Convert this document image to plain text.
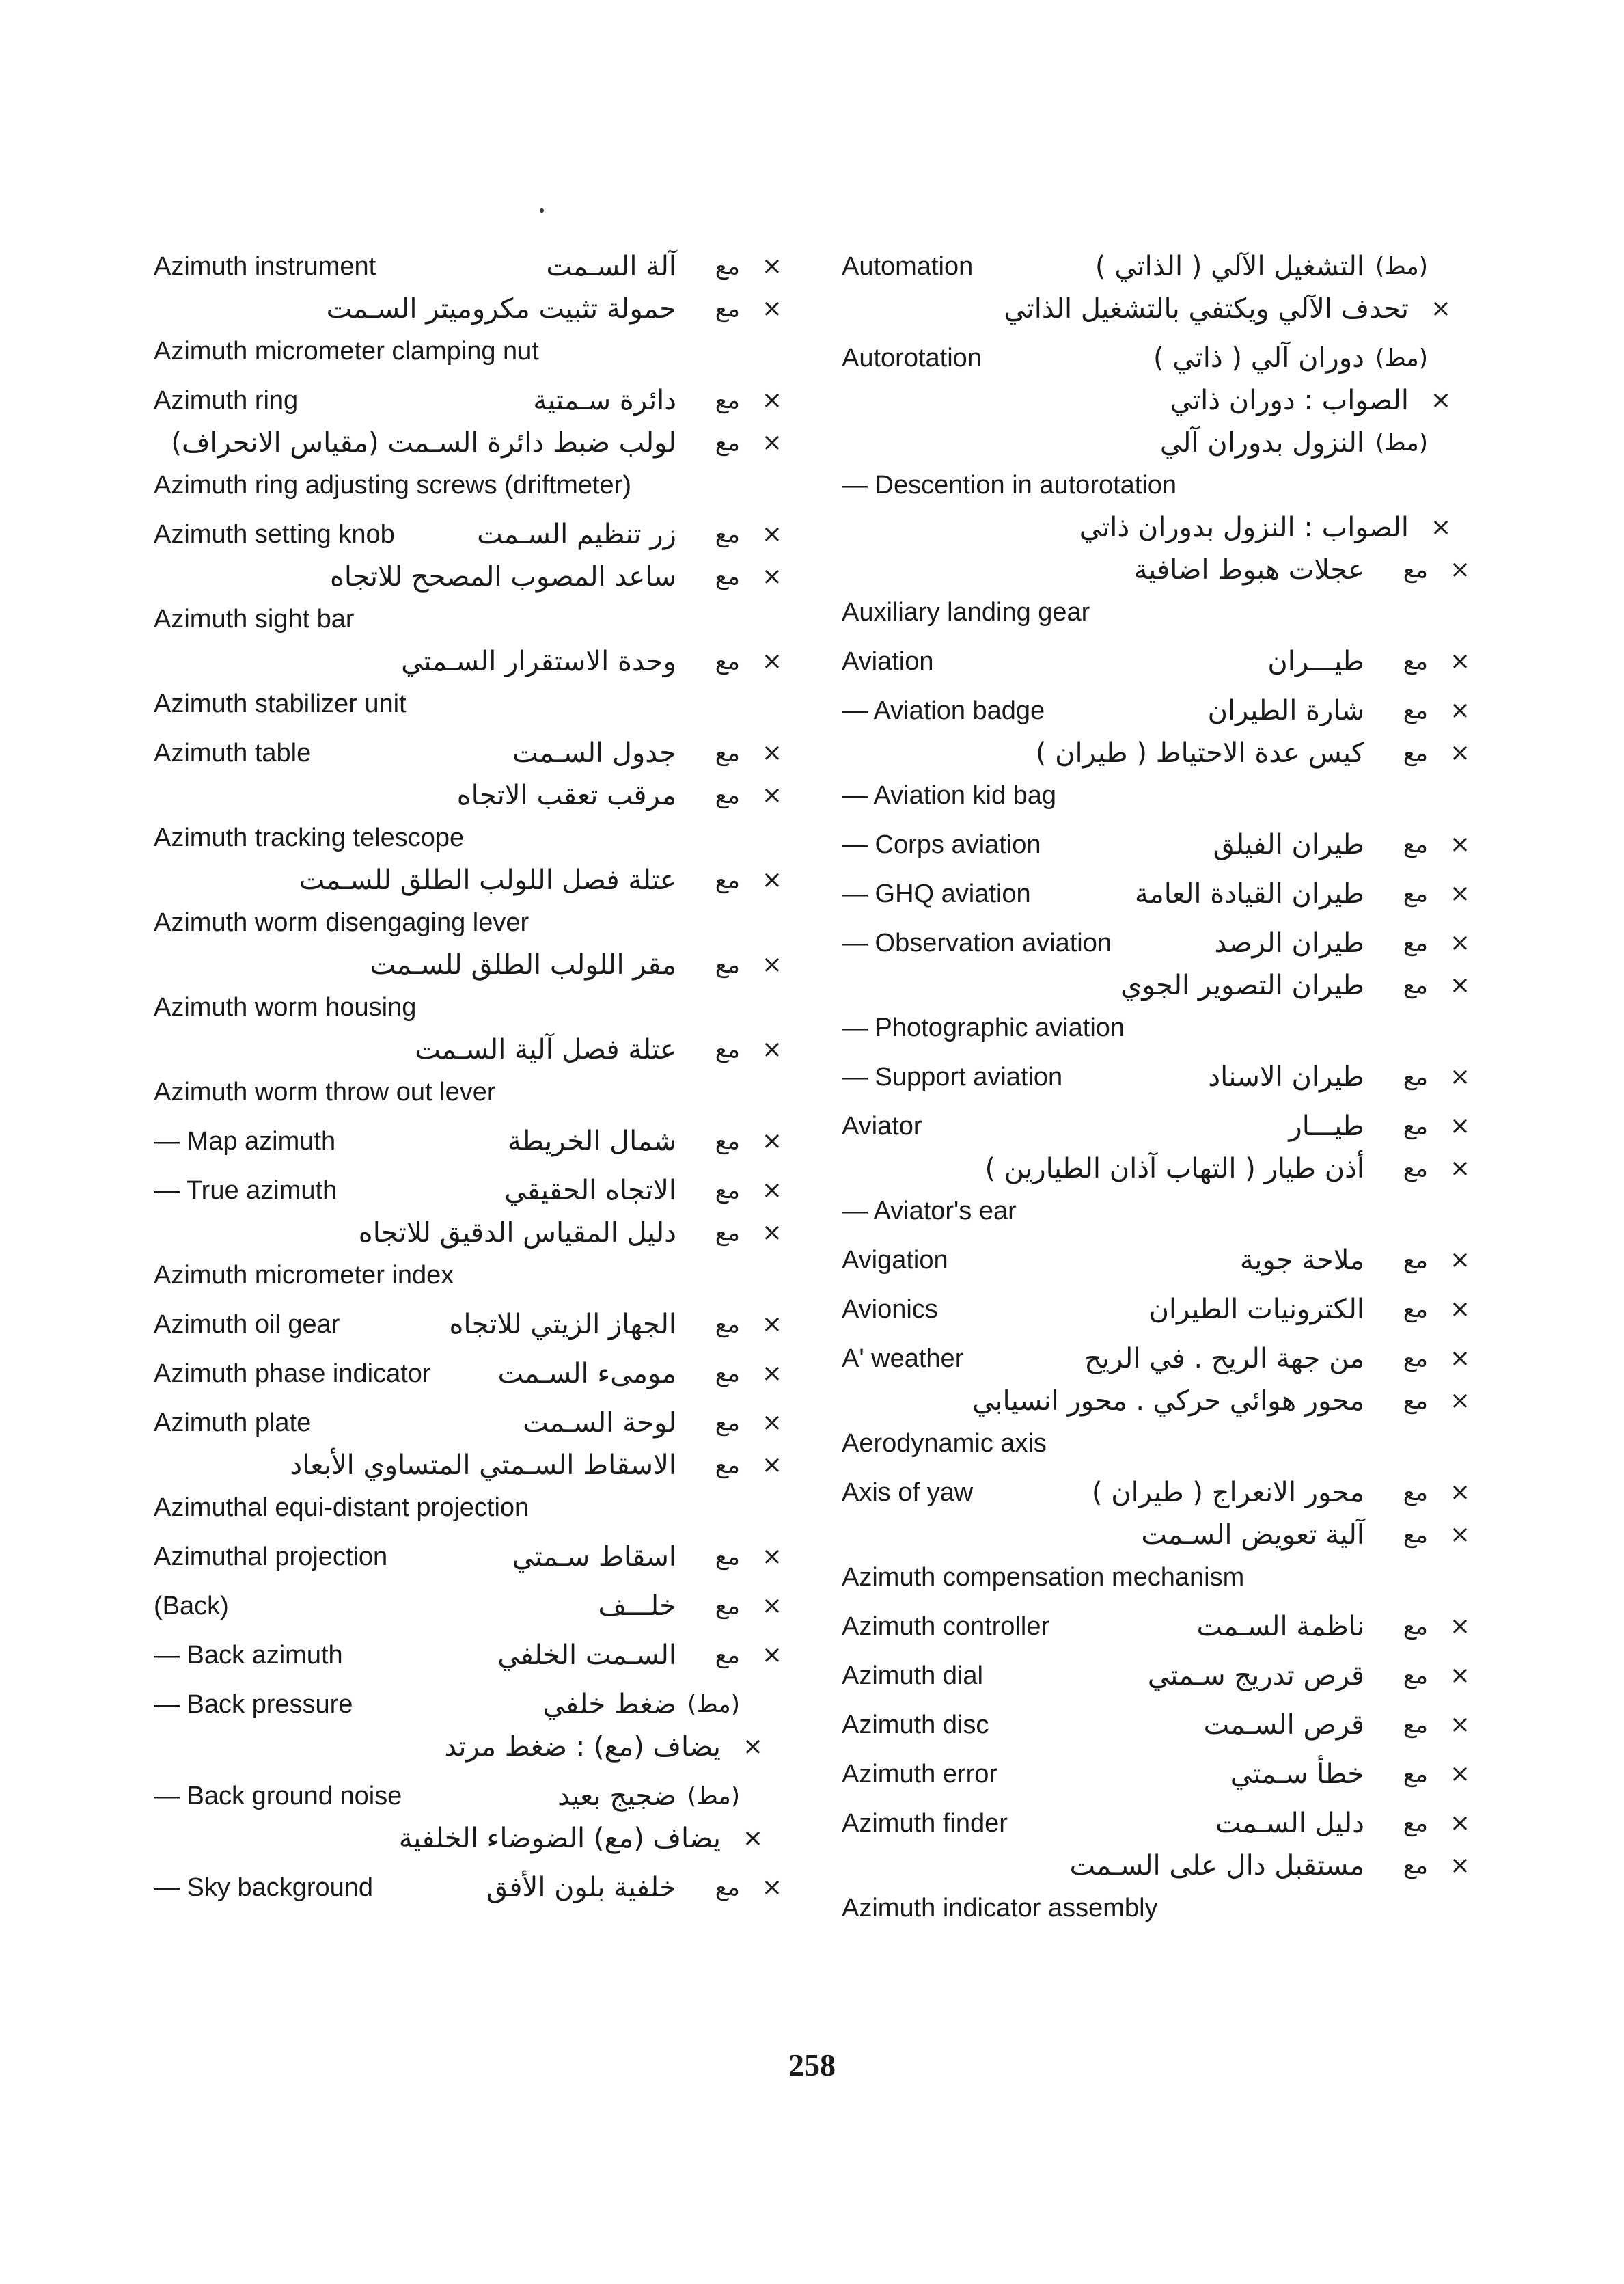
Azimuth instrument	آلة السـمت مع ×
حمولة تثبيت مكروميتر السـمت مع ×
Azimuth micrometer clamping nut
Azimuth ring	دائرة سـمتية مع ×
لولب ضبط دائرة السـمت (مقياس الانحراف) مع ×
Azimuth ring adjusting screws (driftmeter)
Azimuth setting knob	زر تنظيم السـمت مع ×
ساعد المصوب المصحح للاتجاه مع ×
Azimuth sight bar
وحدة الاستقرار السـمتي مع ×
Azimuth stabilizer unit
Azimuth table	جدول السـمت مع ×
مرقب تعقب الاتجاه مع ×
Azimuth tracking telescope
عتلة فصل اللولب الطلق للسـمت مع ×
Azimuth worm disengaging lever
مقر اللولب الطلق للسـمت مع ×
Azimuth worm housing
عتلة فصل آلية السـمت مع ×
Azimuth worm throw out lever
— Map azimuth	شمال الخريطة مع ×
— True azimuth	الاتجاه الحقيقي مع ×
دليل المقياس الدقيق للاتجاه مع ×
Azimuth micrometer index
Azimuth oil gear	الجهاز الزيتي للاتجاه مع ×
Azimuth phase indicator مومىء السـمت مع ×
Azimuth plate	لوحة السـمت مع ×
الاسقاط السـمتي المتساوي الأبعاد مع ×
Azimuthal equi-distant projection
Azimuthal projection	اسقاط سـمتي مع ×
(Back)	خلـــف مع ×
— Back azimuth	السـمت الخلفي مع ×
— Back pressure	ضغط خلفي (مط)
يضاف (مع) : ضغط مرتد ×
— Back ground noise	ضجيج بعيد (مط)
يضاف (مع) الضوضاء الخلفية ×
— Sky background	خلفية بلون الأفق مع ×
Automation	التشغيل الآلي ( الذاتي ) (مط)
تحدف الآلي ويكتفي بالتشغيل الذاتي ×
Autorotation	دوران آلي ( ذاتي ) (مط)
الصواب : دوران ذاتي ×
النزول بدوران آلي (مط)
— Descention in autorotation
الصواب : النزول بدوران ذاتي ×
عجلات هبوط اضافية مع ×
Auxiliary landing gear
Aviation	طيـــران مع ×
— Aviation badge	شارة الطيران مع ×
كيس عدة الاحتياط ( طيران ) مع ×
— Aviation kid bag
— Corps aviation	طيران الفيلق مع ×
— GHQ aviation	طيران القيادة العامة مع ×
— Observation aviation	طيران الرصد مع ×
طيران التصوير الجوي مع ×
— Photographic aviation
— Support aviation	طيران الاسناد مع ×
Aviator	طيـــار مع ×
أذن طيار ( التهاب آذان الطيارين ) مع ×
— Aviator's ear
Avigation	ملاحة جوية مع ×
Avionics	الكترونيات الطيران مع ×
A' weather	من جهة الريح . في الريح مع ×
محور هوائي حركي . محور انسيابي مع ×
Aerodynamic axis
Axis of yaw	محور الانعراج ( طيران ) مع ×
آلية تعويض السـمت مع ×
Azimuth compensation mechanism
Azimuth controller	ناظمة السـمت مع ×
Azimuth dial	قرص تدريج سـمتي مع ×
Azimuth disc	قرص السـمت مع ×
Azimuth error	خطأ سـمتي مع ×
Azimuth finder	دليل السـمت مع ×
مستقبل دال على السـمت مع ×
Azimuth indicator assembly
258
